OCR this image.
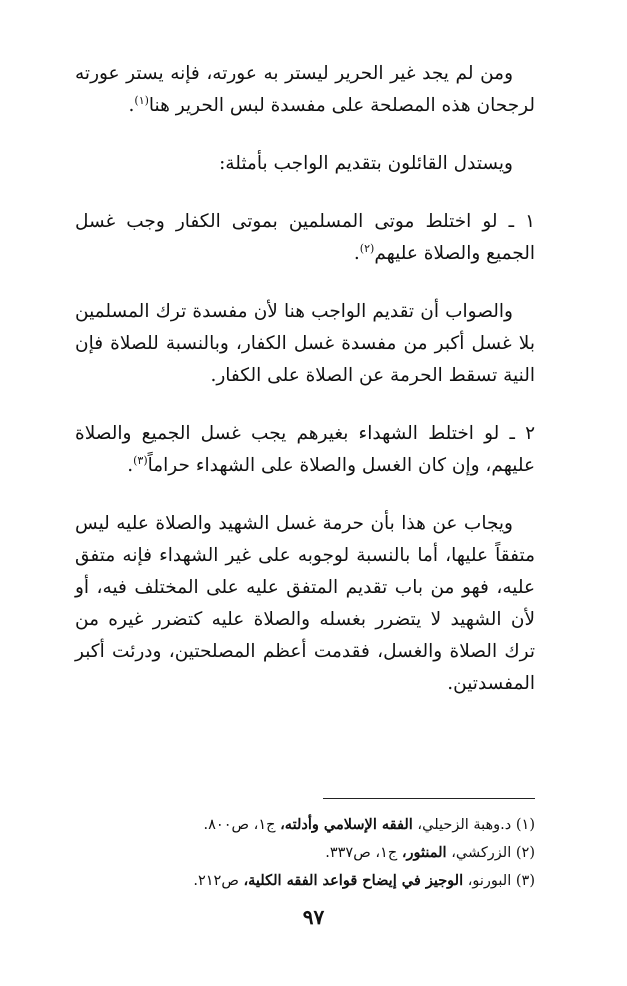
ومن لم يجد غير الحرير ليستر به عورته، فإنه يستر عورته لرجحان هذه المصلحة على مفسدة لبس الحرير هنا$^{(١)}$.

ويستدل القائلون بتقديم الواجب بأمثلة:

١ ـ لو اختلط موتى المسلمين بموتى الكفار وجب غسل الجميع والصلاة عليهم$^{(٢)}$.

والصواب أن تقديم الواجب هنا لأن مفسدة ترك المسلمين بلا غسل أكبر من مفسدة غسل الكفار، وبالنسبة للصلاة فإن النية تسقط الحرمة عن الصلاة على الكفار.

٢ ـ لو اختلط الشهداء بغيرهم يجب غسل الجميع والصلاة عليهم، وإن كان الغسل والصلاة على الشهداء حراماً$^{(٣)}$.

ويجاب عن هذا بأن حرمة غسل الشهيد والصلاة عليه ليس متفقاً عليها، أما بالنسبة لوجوبه على غير الشهداء فإنه متفق عليه، فهو من باب تقديم المتفق عليه على المختلف فيه، أو لأن الشهيد لا يتضرر بغسله والصلاة عليه كتضرر غيره من ترك الصلاة والغسل، فقدمت أعظم المصلحتين، ودرئت أكبر المفسدتين.

(١) د.وهبة الزحيلي، الفقه الإسلامي وأدلته، ج١، ص٨٠٠.
(٢) الزركشي، المنثور، ج١، ص٣٣٧.
(٣) البورنو، الوجيز في إيضاح قواعد الفقه الكلية، ص٢١٢.
٩٧
